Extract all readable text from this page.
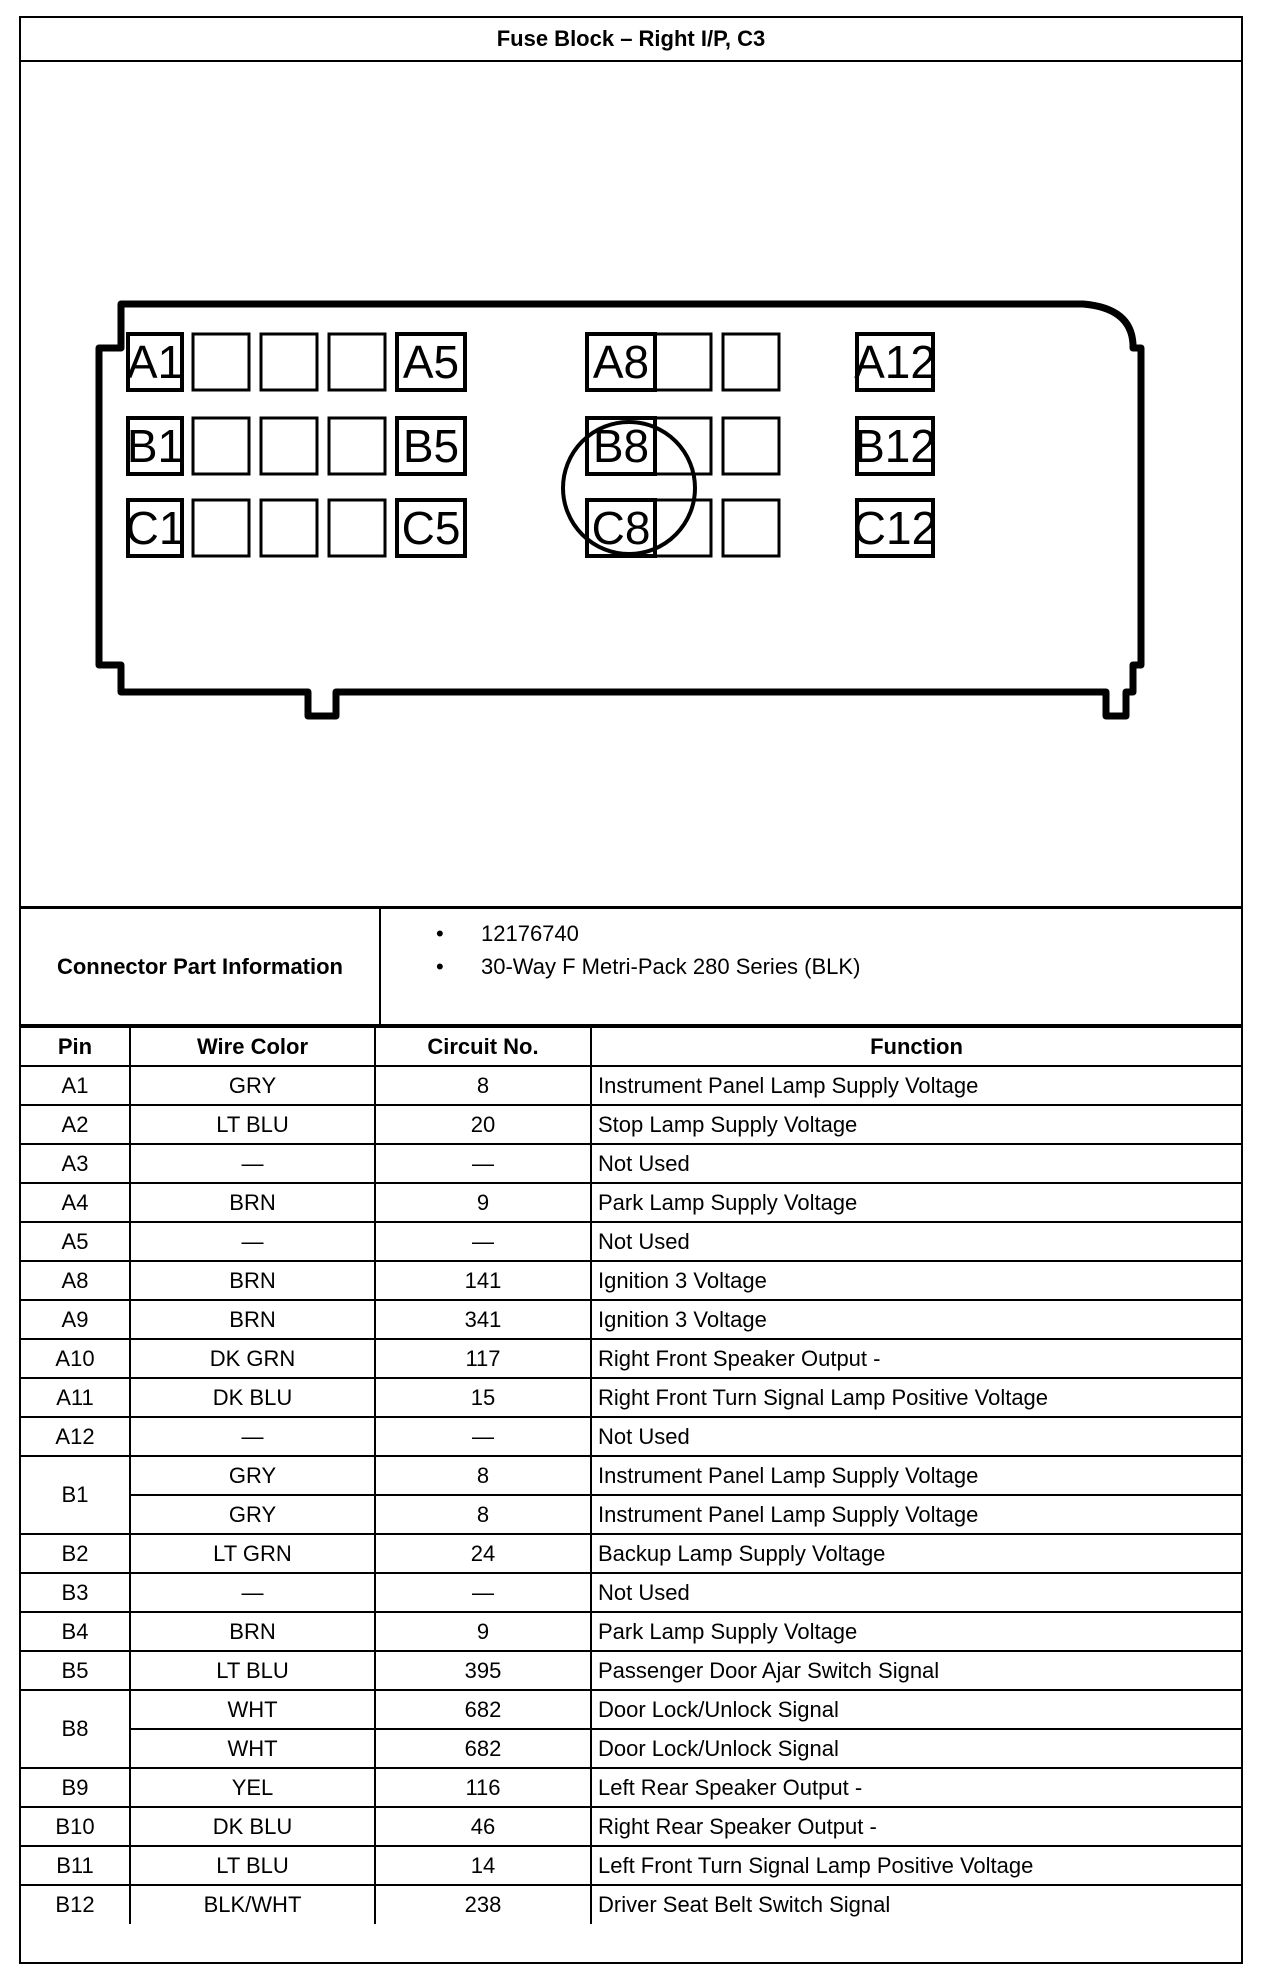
Fuse Block – Right I/P, C3
A1	A5	A8	A12
B1	B5	B8	B12
C1	C5	C8	C12
Connector Part Information
• 12176740
• 30-Way F Metri-Pack 280 Series (BLK)
Pin	Wire Color	Circuit No.	Function
A1	GRY	8	Instrument Panel Lamp Supply Voltage
A2	LT BLU	20	Stop Lamp Supply Voltage
A3	—	—	Not Used
A4	BRN	9	Park Lamp Supply Voltage
A5	—	—	Not Used
A8	BRN	141	Ignition 3 Voltage
A9	BRN	341	Ignition 3 Voltage
A10	DK GRN	117	Right Front Speaker Output -
A11	DK BLU	15	Right Front Turn Signal Lamp Positive Voltage
A12	—	—	Not Used
B1	GRY	8	Instrument Panel Lamp Supply Voltage
	GRY	8	Instrument Panel Lamp Supply Voltage
B2	LT GRN	24	Backup Lamp Supply Voltage
B3	—	—	Not Used
B4	BRN	9	Park Lamp Supply Voltage
B5	LT BLU	395	Passenger Door Ajar Switch Signal
B8	WHT	682	Door Lock/Unlock Signal
	WHT	682	Door Lock/Unlock Signal
B9	YEL	116	Left Rear Speaker Output -
B10	DK BLU	46	Right Rear Speaker Output -
B11	LT BLU	14	Left Front Turn Signal Lamp Positive Voltage
B12	BLK/WHT	238	Driver Seat Belt Switch Signal
